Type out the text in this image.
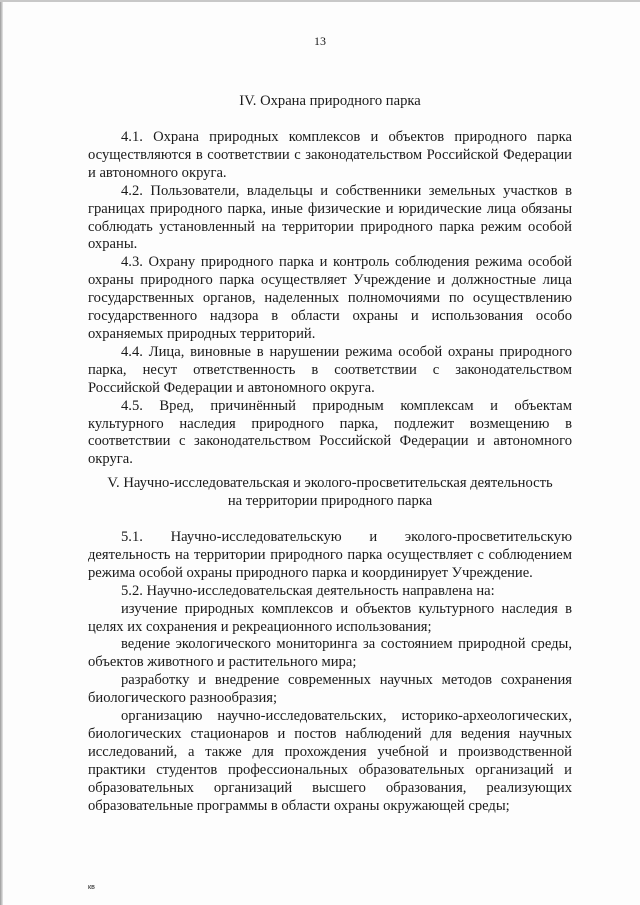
13

IV. Охрана природного парка

4.1. Охрана природных комплексов и объектов природного парка осуществляются в соответствии с законодательством Российской Федерации и автономного округа.

4.2. Пользователи, владельцы и собственники земельных участков в границах природного парка, иные физические и юридические лица обязаны соблюдать установленный на территории природного парка режим особой охраны.

4.3. Охрану природного парка и контроль соблюдения режима особой охраны природного парка осуществляет Учреждение и должностные лица государственных органов, наделенных полномочиями по осуществлению государственного надзора в области охраны и использования особо охраняемых природных территорий.

4.4. Лица, виновные в нарушении режима особой охраны природного парка, несут ответственность в соответствии с законодательством Российской Федерации и автономного округа.

4.5. Вред, причинённый природным комплексам и объектам культурного наследия природного парка, подлежит возмещению в соответствии с законодательством Российской Федерации и автономного округа.

V. Научно-исследовательская и эколого-просветительская деятельность

на территории природного парка

5.1. Научно-исследовательскую и эколого-просветительскую деятельность на территории природного парка осуществляет с соблюдением режима особой охраны природного парка и координирует Учреждение.

5.2. Научно-исследовательская деятельность направлена на:

изучение природных комплексов и объектов культурного наследия в целях их сохранения и рекреационного использования;

ведение экологического мониторинга за состоянием природной среды, объектов животного и растительного мира;

разработку и внедрение современных научных методов сохранения биологического разнообразия;

организацию научно-исследовательских, историко-археологических, биологических стационаров и постов наблюдений для ведения научных исследований, а также для прохождения учебной и производственной практики студентов профессиональных образовательных организаций и образовательных организаций высшего образования, реализующих образовательные программы в области охраны окружающей среды;

кв
